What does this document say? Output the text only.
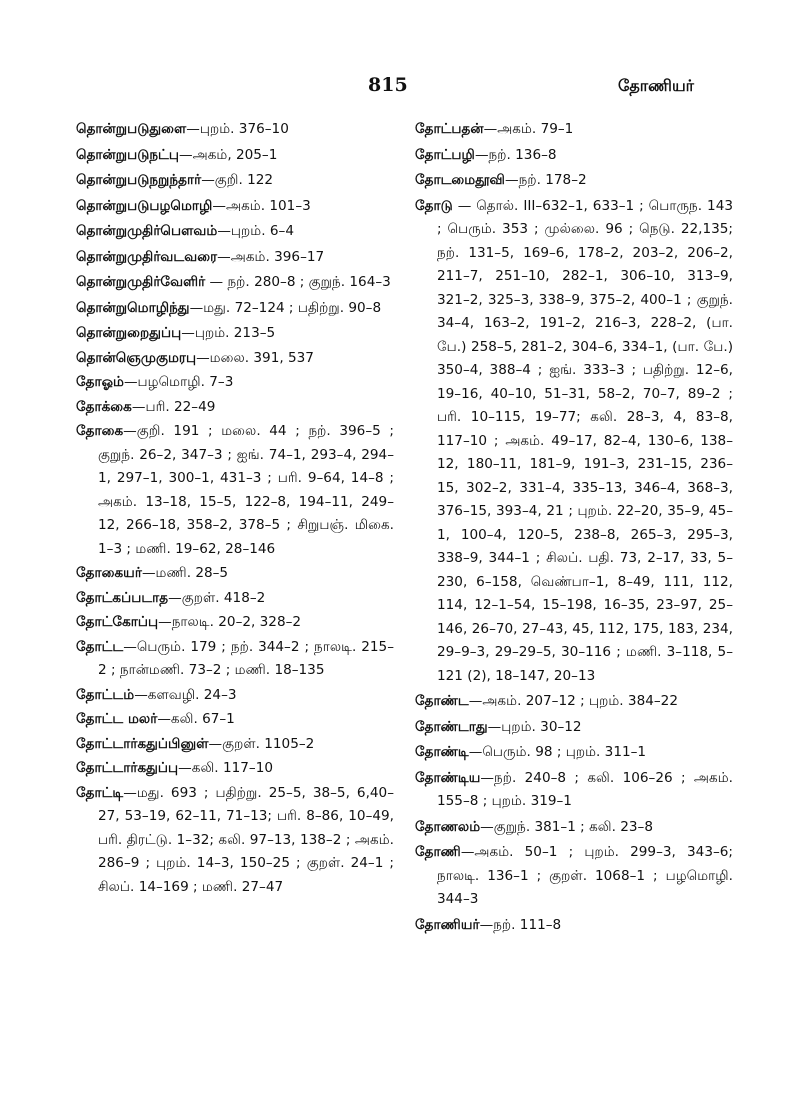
815	தோணியர்
தொன்றுபடுதுளை—புறம். 376–10
தொன்றுபடுநட்பு—அகம், 205–1
தொன்றுபடுநறுந்தார்—குறி. 122
தொன்றுபடுபழமொழி—அகம். 101–3
தொன்றுமுதிர்பௌவம்—புறம். 6–4
தொன்றுமுதிர்வடவரை—அகம். 396–17
தொன்றுமுதிர்வேளிர் — நற். 280–8 ; குறுந். 164–3
தொன்றுமொழிந்து—மது. 72–124 ; பதிற்று. 90–8
தொன்றுறைதுப்பு—புறம். 213–5
தொன்ஞெமுகுமரபு—மலை. 391, 537
தோஓம்—பழமொழி. 7–3
தோக்கை—பரி. 22–49
தோகை—குறி. 191 ; மலை. 44 ; நற். 396–5 ; குறுந். 26–2, 347–3 ; ஐங். 74–1, 293–4, 294–1, 297–1, 300–1, 431–3 ; பரி. 9–64, 14–8 ; அகம். 13–18, 15–5, 122–8, 194–11, 249–12, 266–18, 358–2, 378–5 ; சிறுபஞ். மிகை. 1–3 ; மணி. 19–62, 28–146
தோகையர்—மணி. 28–5
தோட்கப்படாத—குறள். 418–2
தோட்கோப்பு—நாலடி. 20–2, 328–2
தோட்ட—பெரும். 179 ; நற். 344–2 ; நாலடி. 215–2 ; நான்மணி. 73–2 ; மணி. 18–135
தோட்டம்—களவழி. 24–3
தோட்ட மலர்—கலி. 67–1
தோட்டார்கதுப்பினுள்—குறள். 1105–2
தோட்டார்கதுப்பு—கலி. 117–10
தோட்டி—மது. 693 ; பதிற்று. 25–5, 38–5, 6,40–27, 53–19, 62–11, 71–13; பரி. 8–86, 10–49, பரி. திரட்டு. 1–32; கலி. 97–13, 138–2 ; அகம். 286–9 ; புறம். 14–3, 150–25 ; குறள். 24–1 ; சிலப். 14–169 ; மணி. 27–47
தோட்பதன்—அகம். 79–1
தோட்பழி—நற். 136–8
தோடமைதூவி—நற். 178–2
தோடு — தொல். III–632–1, 633–1 ; பொருந. 143 ; பெரும். 353 ; முல்லை. 96 ; நெடு. 22,135; நற். 131–5, 169–6, 178–2, 203–2, 206–2, 211–7, 251–10, 282–1, 306–10, 313–9, 321–2, 325–3, 338–9, 375–2, 400–1 ; குறுந். 34–4, 163–2, 191–2, 216–3, 228–2, (பா. பே.) 258–5, 281–2, 304–6, 334–1, (பா. பே.) 350–4, 388–4 ; ஐங். 333–3 ; பதிற்று. 12–6, 19–16, 40–10, 51–31, 58–2, 70–7, 89–2 ; பரி. 10–115, 19–77; கலி. 28–3, 4, 83–8, 117–10 ; அகம். 49–17, 82–4, 130–6, 138–12, 180–11, 181–9, 191–3, 231–15, 236–15, 302–2, 331–4, 335–13, 346–4, 368–3, 376–15, 393–4, 21 ; புறம். 22–20, 35–9, 45–1, 100–4, 120–5, 238–8, 265–3, 295–3, 338–9, 344–1 ; சிலப். பதி. 73, 2–17, 33, 5–230, 6–158, வெண்பா–1, 8–49, 111, 112, 114, 12–1–54, 15–198, 16–35, 23–97, 25–146, 26–70, 27–43, 45, 112, 175, 183, 234, 29–9–3, 29–29–5, 30–116 ; மணி. 3–118, 5–121 (2), 18–147, 20–13
தோண்ட—அகம். 207–12 ; புறம். 384–22
தோண்டாது—புறம். 30–12
தோண்டி—பெரும். 98 ; புறம். 311–1
தோண்டிய—நற். 240–8 ; கலி. 106–26 ; அகம். 155–8 ; புறம். 319–1
தோணலம்—குறுந். 381–1 ; கலி. 23–8
தோணி—அகம். 50–1 ; புறம். 299–3, 343–6; நாலடி. 136–1 ; குறள். 1068–1 ; பழமொழி. 344–3
தோணியர்—நற். 111–8
